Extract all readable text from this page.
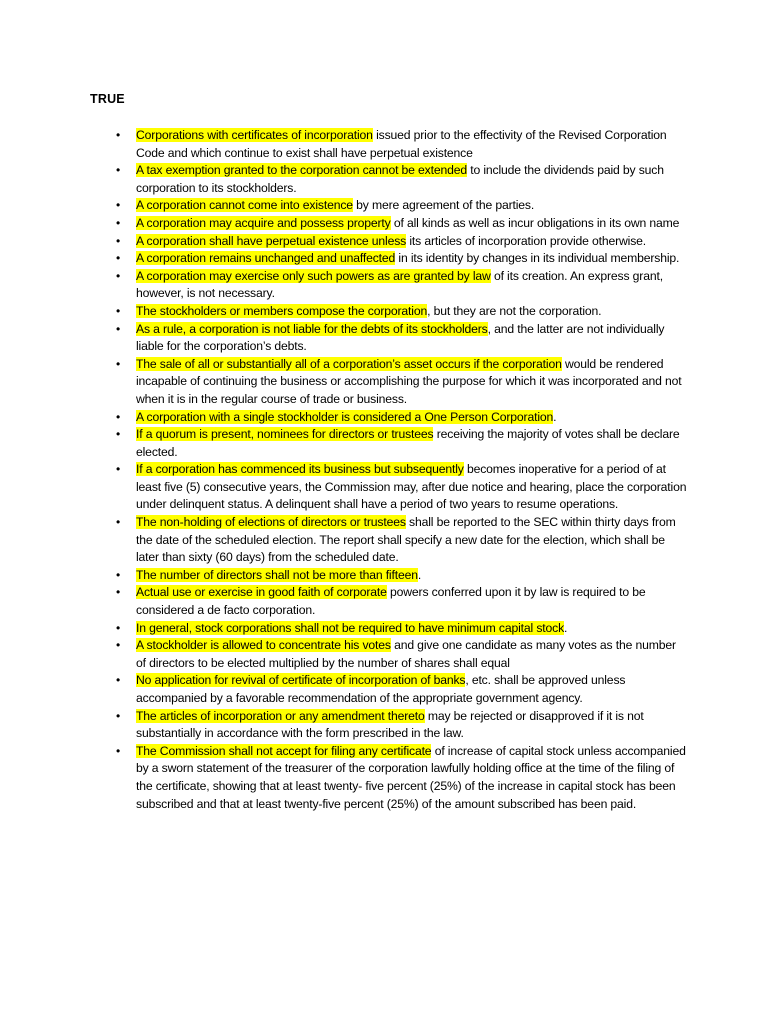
TRUE
• Corporations with certificates of incorporation issued prior to the effectivity of the Revised Corporation Code and which continue to exist shall have perpetual existence
• A tax exemption granted to the corporation cannot be extended to include the dividends paid by such corporation to its stockholders.
• A corporation cannot come into existence by mere agreement of the parties.
• A corporation may acquire and possess property of all kinds as well as incur obligations in its own name
• A corporation shall have perpetual existence unless its articles of incorporation provide otherwise.
• A corporation remains unchanged and unaffected in its identity by changes in its individual membership.
• A corporation may exercise only such powers as are granted by law of its creation. An express grant, however, is not necessary.
• The stockholders or members compose the corporation, but they are not the corporation.
• As a rule, a corporation is not liable for the debts of its stockholders, and the latter are not individually liable for the corporation’s debts.
• The sale of all or substantially all of a corporation’s asset occurs if the corporation would be rendered incapable of continuing the business or accomplishing the purpose for which it was incorporated and not when it is in the regular course of trade or business.
• A corporation with a single stockholder is considered a One Person Corporation.
• If a quorum is present, nominees for directors or trustees receiving the majority of votes shall be declare elected.
• If a corporation has commenced its business but subsequently becomes inoperative for a period of at least five (5) consecutive years, the Commission may, after due notice and hearing, place the corporation under delinquent status. A delinquent shall have a period of two years to resume operations.
• The non-holding of elections of directors or trustees shall be reported to the SEC within thirty days from the date of the scheduled election. The report shall specify a new date for the election, which shall be later than sixty (60 days) from the scheduled date.
• The number of directors shall not be more than fifteen.
• Actual use or exercise in good faith of corporate powers conferred upon it by law is required to be considered a de facto corporation.
• In general, stock corporations shall not be required to have minimum capital stock.
• A stockholder is allowed to concentrate his votes and give one candidate as many votes as the number of directors to be elected multiplied by the number of shares shall equal
• No application for revival of certificate of incorporation of banks, etc. shall be approved unless accompanied by a favorable recommendation of the appropriate government agency.
• The articles of incorporation or any amendment thereto may be rejected or disapproved if it is not substantially in accordance with the form prescribed in the law.
• The Commission shall not accept for filing any certificate of increase of capital stock unless accompanied by a sworn statement of the treasurer of the corporation lawfully holding office at the time of the filing of the certificate, showing that at least twenty- five percent (25%) of the increase in capital stock has been subscribed and that at least twenty-five percent (25%) of the amount subscribed has been paid.
